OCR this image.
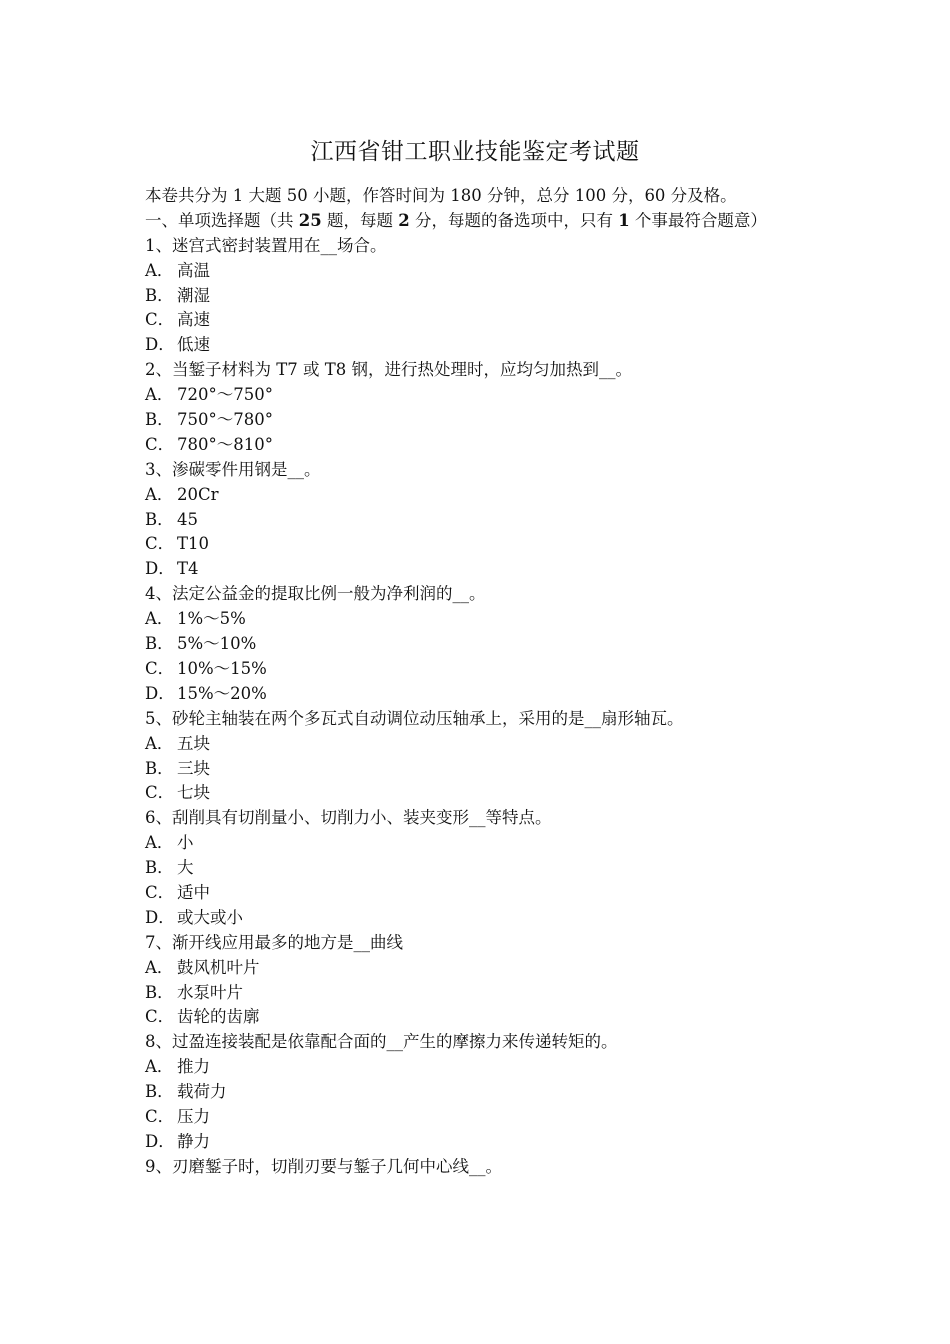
江西省钳工职业技能鉴定考试题
本卷共分为 1 大题 50 小题，作答时间为 180 分钟，总分 100 分，60 分及格。
一、单项选择题（共 25 题，每题 2 分，每题的备选项中，只有 1 个事最符合题意）
1、迷宫式密封装置用在__场合。
A． 高温
B． 潮湿
C． 高速
D． 低速
2、当錾子材料为 T7 或 T8 钢，进行热处理时，应均匀加热到__。
A． 720°～750°
B． 750°～780°
C． 780°～810°
3、渗碳零件用钢是__。
A． 20Cr
B． 45
C． T10
D． T4
4、法定公益金的提取比例一般为净利润的__。
A． 1%～5%
B． 5%～10%
C． 10%～15%
D． 15%～20%
5、砂轮主轴装在两个多瓦式自动调位动压轴承上，采用的是__扇形轴瓦。
A． 五块
B． 三块
C． 七块
6、刮削具有切削量小、切削力小、装夹变形__等特点。
A． 小
B． 大
C． 适中
D． 或大或小
7、渐开线应用最多的地方是__曲线
A． 鼓风机叶片
B． 水泵叶片
C． 齿轮的齿廓
8、过盈连接装配是依靠配合面的__产生的摩擦力来传递转矩的。
A． 推力
B． 载荷力
C． 压力
D． 静力
9、刃磨錾子时，切削刃要与錾子几何中心线__。
